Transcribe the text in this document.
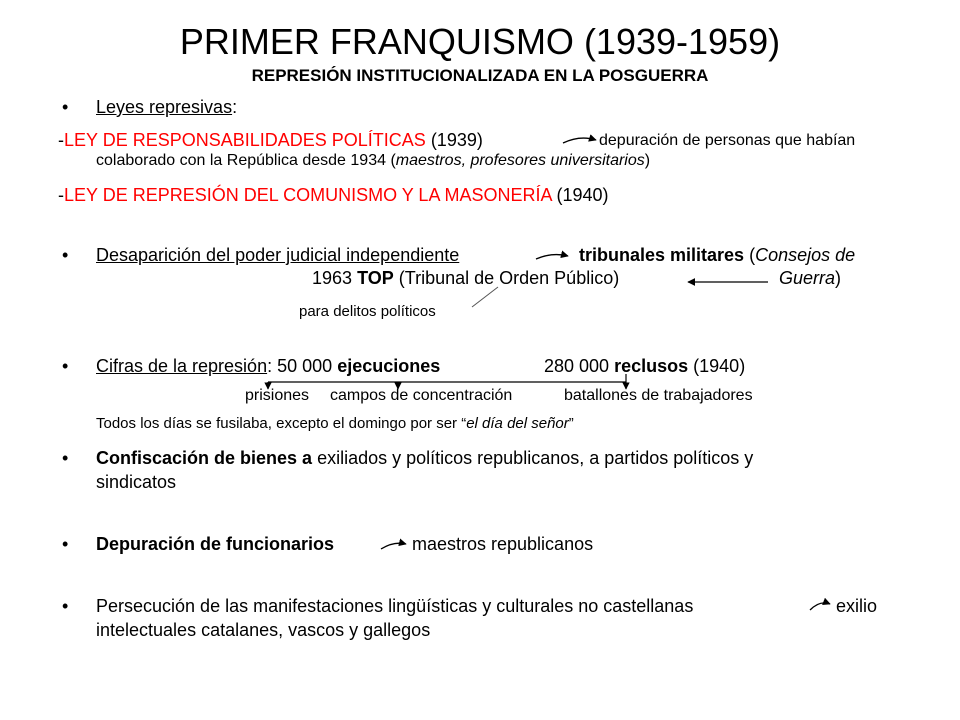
PRIMER FRANQUISMO (1939-1959)
REPRESIÓN INSTITUCIONALIZADA EN LA POSGUERRA
• Leyes represivas:
-LEY DE RESPONSABILIDADES POLÍTICAS (1939)	depuración de personas que habían
colaborado con la República desde 1934 (maestros, profesores universitarios)
-LEY DE REPRESIÓN DEL COMUNISMO Y LA MASONERÍA (1940)
• Desaparición del poder judicial independiente	tribunales militares (Consejos de
1963 TOP (Tribunal de Orden Público)	Guerra)
para delitos políticos
• Cifras de la represión: 50 000 ejecuciones	280 000 reclusos (1940)
prisiones campos de concentración	batallones de trabajadores
Todos los días se fusilaba, excepto el domingo por ser “el día del señor”
• Confiscación de bienes a exiliados y políticos republicanos, a partidos políticos y
sindicatos
• Depuración de funcionarios	maestros republicanos
• Persecución de las manifestaciones lingüísticas y culturales no castellanas	exilio
intelectuales catalanes, vascos y gallegos
